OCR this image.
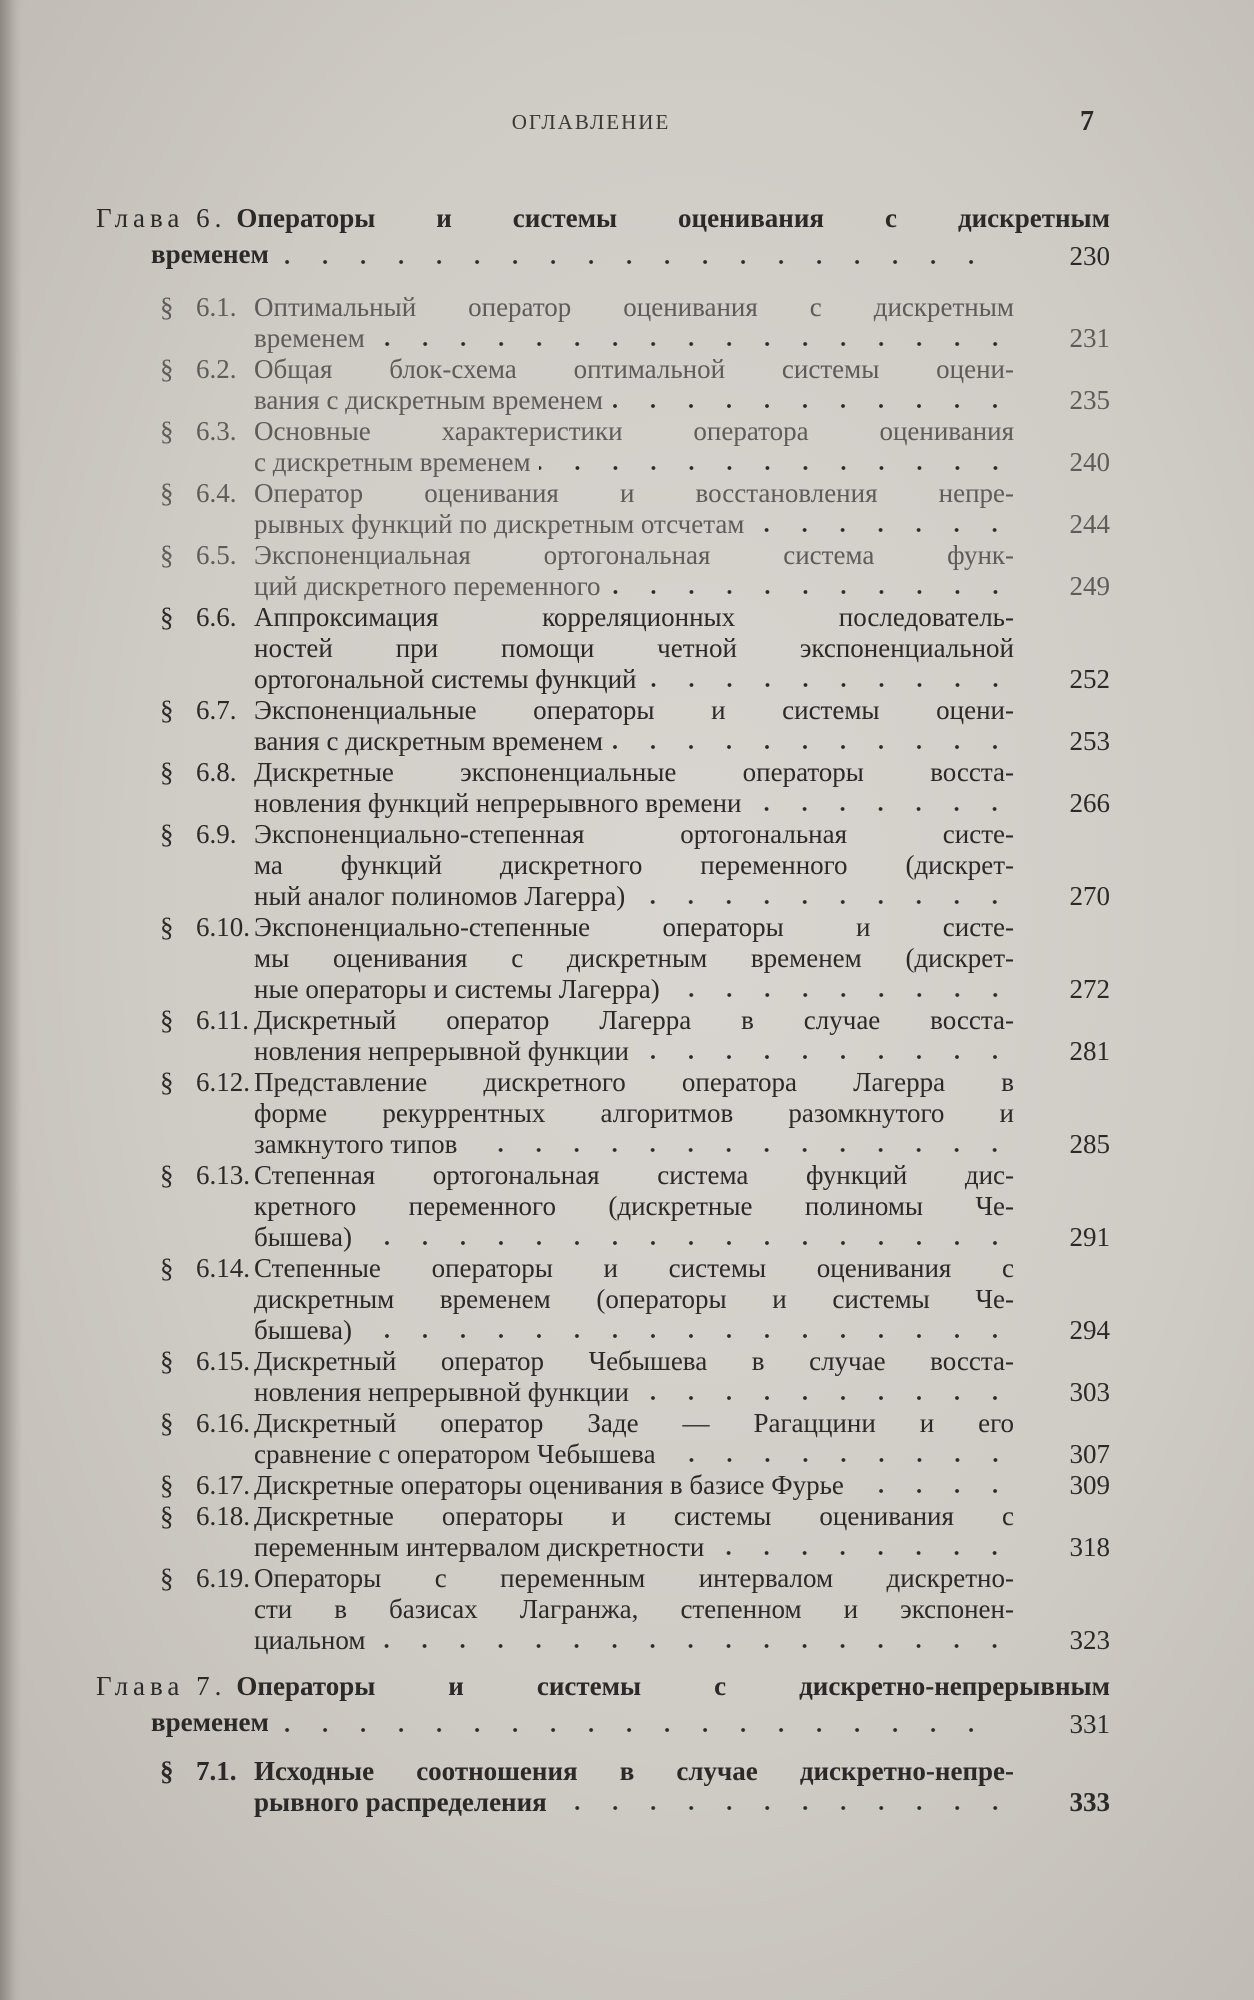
ОГЛАВЛЕНИЕ	7
Глава 6. Операторы и системы оценивания с дискретным
временем	230
§ 6.1. Оптимальный оператор оценивания с дискретным
временем	231
§ 6.2. Общая блок-схема оптимальной системы оцени-
вания с дискретным временем	235
§ 6.3. Основные характеристики оператора оценивания
с дискретным временем	240
§ 6.4. Оператор оценивания и восстановления непре-
рывных функций по дискретным отсчетам	244
§ 6.5. Экспоненциальная ортогональная система функ-
ций дискретного переменного	249
§ 6.6. Аппроксимация корреляционных последователь-
ностей при помощи четной экспоненциальной
ортогональной системы функций	252
§ 6.7. Экспоненциальные операторы и системы оцени-
вания с дискретным временем	253
§ 6.8. Дискретные экспоненциальные операторы восста-
новления функций непрерывного времени	266
§ 6.9. Экспоненциально-степенная ортогональная систе-
ма функций дискретного переменного (дискрет-
ный аналог полиномов Лагерра)	270
§ 6.10. Экспоненциально-степенные операторы и систе-
мы оценивания с дискретным временем (дискрет-
ные операторы и системы Лагерра)	272
§ 6.11. Дискретный оператор Лагерра в случае восста-
новления непрерывной функции	281
§ 6.12. Представление дискретного оператора Лагерра в
форме рекуррентных алгоритмов разомкнутого и
замкнутого типов	285
§ 6.13. Степенная ортогональная система функций дис-
кретного переменного (дискретные полиномы Че-
бышева)	291
§ 6.14. Степенные операторы и системы оценивания с
дискретным временем (операторы и системы Че-
бышева)	294
§ 6.15. Дискретный оператор Чебышева в случае восста-
новления непрерывной функции	303
§ 6.16. Дискретный оператор Заде — Рагаццини и его
сравнение с оператором Чебышева	307
§ 6.17. Дискретные операторы оценивания в базисе Фурье	309
§ 6.18. Дискретные операторы и системы оценивания с
переменным интервалом дискретности	318
§ 6.19. Операторы с переменным интервалом дискретно-
сти в базисах Лагранжа, степенном и экспонен-
циальном	323
Глава 7. Операторы и системы с дискретно-непрерывным
временем	331
§ 7.1. Исходные соотношения в случае дискретно-непре-
рывного распределения	333
